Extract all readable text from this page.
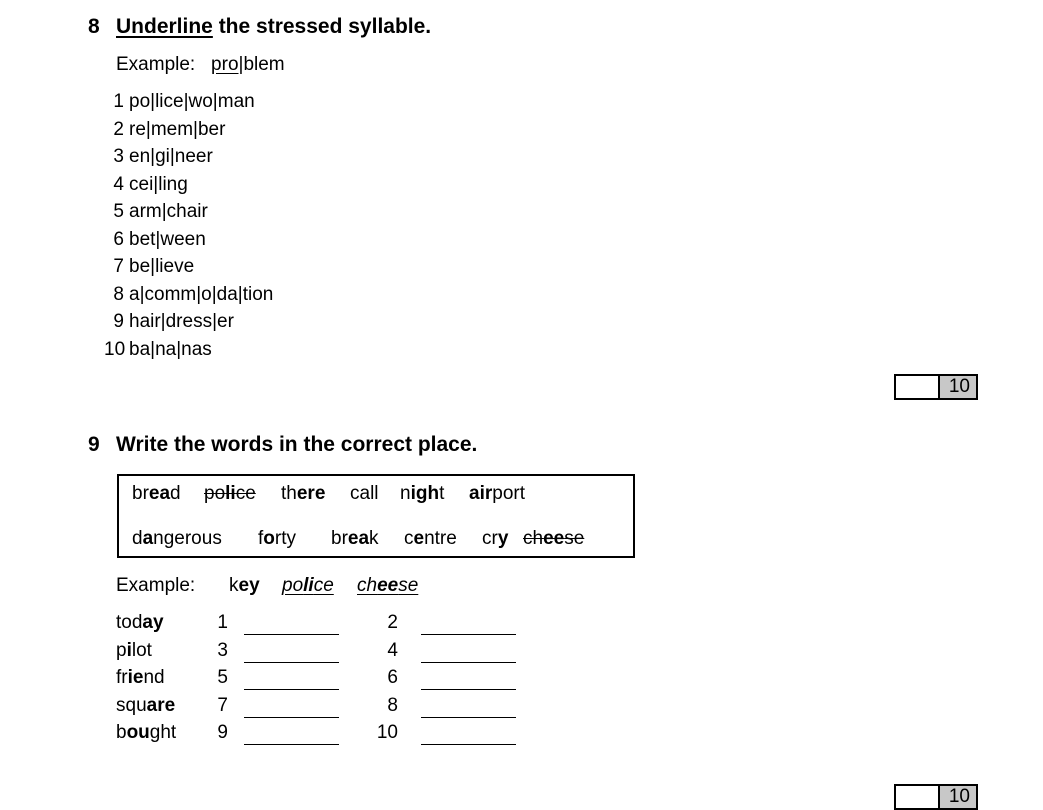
8 Underline the stressed syllable.
Example: pro|blem
1 po|lice|wo|man
2 re|mem|ber
3 en|gi|neer
4 cei|ling
5 arm|chair
6 bet|ween
7 be|lieve
8 a|comm|o|da|tion
9 hair|dress|er
10 ba|na|nas
10
9 Write the words in the correct place.
bread police there call night airport
dangerous forty break centre cry cheese
Example: key police cheese
today	1	2
pilot	3	4
friend	5	6
square	7	8
bought	9	10
10
